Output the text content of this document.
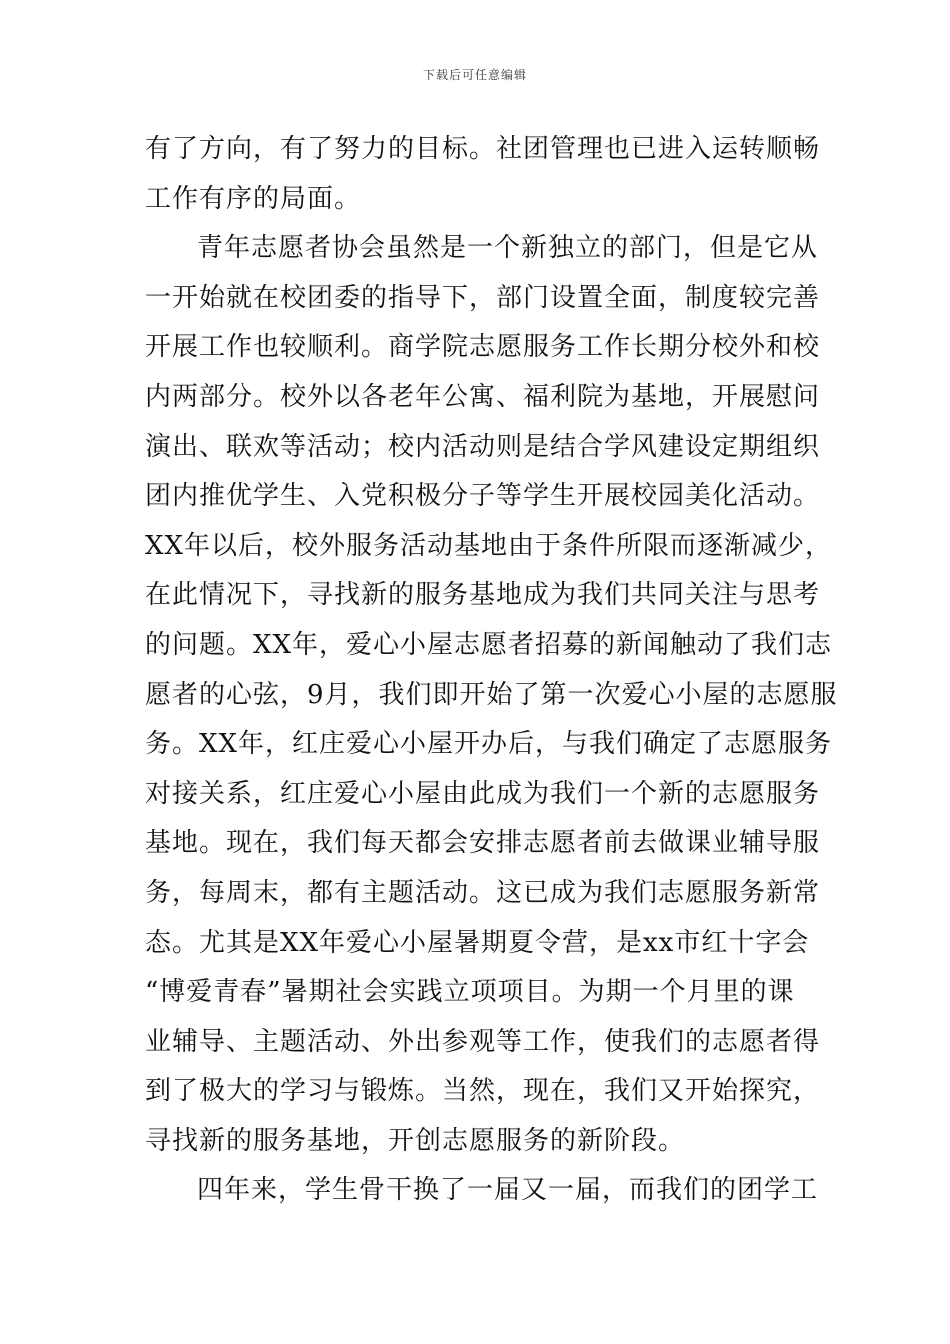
下载后可任意编辑
有了方向，有了努力的目标。社团管理也已进入运转顺畅
工作有序的局面。
青年志愿者协会虽然是一个新独立的部门，但是它从
一开始就在校团委的指导下，部门设置全面，制度较完善
开展工作也较顺利。商学院志愿服务工作长期分校外和校
内两部分。校外以各老年公寓、福利院为基地，开展慰问
演出、联欢等活动；校内活动则是结合学风建设定期组织
团内推优学生、入党积极分子等学生开展校园美化活动。
XX年以后，校外服务活动基地由于条件所限而逐渐减少，
在此情况下，寻找新的服务基地成为我们共同关注与思考
的问题。XX年，爱心小屋志愿者招募的新闻触动了我们志
愿者的心弦，9月，我们即开始了第一次爱心小屋的志愿服
务。XX年，红庄爱心小屋开办后，与我们确定了志愿服务
对接关系，红庄爱心小屋由此成为我们一个新的志愿服务
基地。现在，我们每天都会安排志愿者前去做课业辅导服
务，每周末，都有主题活动。这已成为我们志愿服务新常
态。尤其是XX年爱心小屋暑期夏令营，是xx市红十字会
“博爱青春”暑期社会实践立项项目。为期一个月里的课
业辅导、主题活动、外出参观等工作，使我们的志愿者得
到了极大的学习与锻炼。当然，现在，我们又开始探究，
寻找新的服务基地，开创志愿服务的新阶段。
四年来，学生骨干换了一届又一届，而我们的团学工
